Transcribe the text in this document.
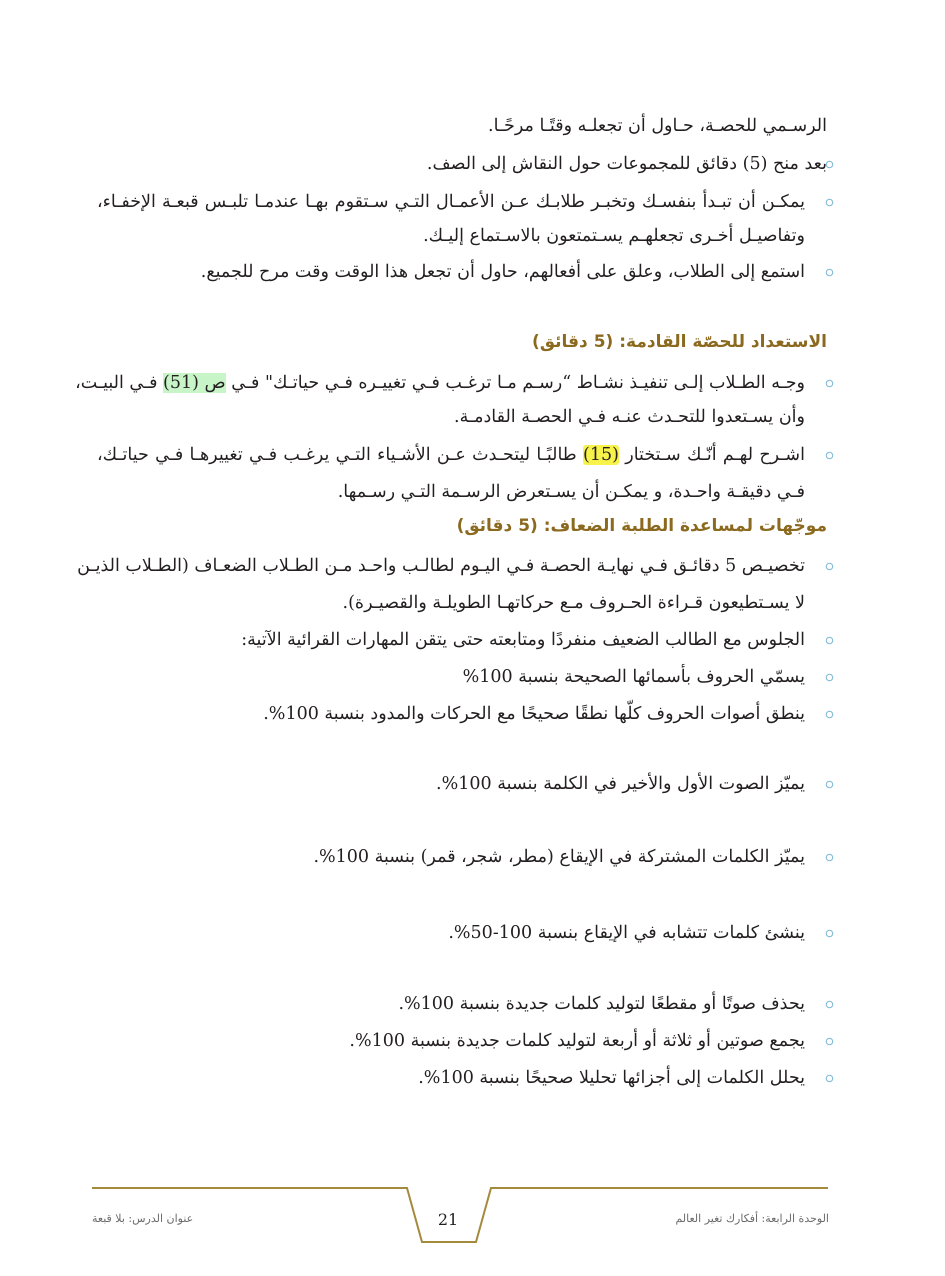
الرسـمي للحصـة، حـاول أن تجعلـه وقتًـا مرحًـا.
بعد منح (5) دقائق للمجموعات حول النقاش إلى الصف.
يمكـن أن تبـدأ بنفسـك وتخبـر طلابـك عـن الأعمـال التـي سـتقوم بهـا عندمـا تلبـس قبعـة الإخفـاء،
وتفاصيـل أخـرى تجعلهـم يسـتمتعون بالاسـتماع إليـك.
استمع إلى الطلاب، وعلق على أفعالهم، حاول أن تجعل هذا الوقت وقت مرح للجميع.
الاستعداد للحصّة القادمة: (5 دقائق)
وجـه الطـلاب إلـى تنفيـذ نشـاط “رسـم مـا ترغـب فـي تغييـره فـي حياتـك" فـي ص (51) فـي البيـت،
وأن يسـتعدوا للتحـدث عنـه فـي الحصـة القادمـة.
اشـرح لهـم أنّـك سـتختار (15) طالبًـا ليتحـدث عـن الأشـياء التـي يرغـب فـي تغييرهـا فـي حياتـك،
فـي دقيقـة واحـدة، و يمكـن أن يسـتعرض الرسـمة التـي رسـمها.
موجّهات لمساعدة الطلبة الضعاف: (5 دقائق)
تخصيـص 5 دقائـق فـي نهايـة الحصـة فـي اليـوم لطالـب واحـد مـن الطـلاب الضعـاف (الطـلاب الذيـن
لا يسـتطيعون قـراءة الحـروف مـع حركاتهـا الطويلـة والقصيـرة).
الجلوس مع الطالب الضعيف منفردًا ومتابعته حتى يتقن المهارات القرائية الآتية:
يسمّي الحروف بأسمائها الصحيحة بنسبة 100%
ينطق أصوات الحروف كلّها نطقًا صحيحًا مع الحركات والمدود بنسبة 100%.
يميّز الصوت الأول والأخير في الكلمة بنسبة 100%.
يميّز الكلمات المشتركة في الإيقاع (مطر، شجر، قمر) بنسبة 100%.
ينشئ كلمات تتشابه في الإيقاع بنسبة 100-50%.
يحذف صوتًا أو مقطعًا لتوليد كلمات جديدة بنسبة 100%.
يجمع صوتين أو ثلاثة أو أربعة لتوليد كلمات جديدة بنسبة 100%.
يحلل الكلمات إلى أجزائها تحليلا صحيحًا بنسبة 100%.
الوحدة الرابعة: أفكارك تغير العالم
عنوان الدرس: بلا قبعة	21
